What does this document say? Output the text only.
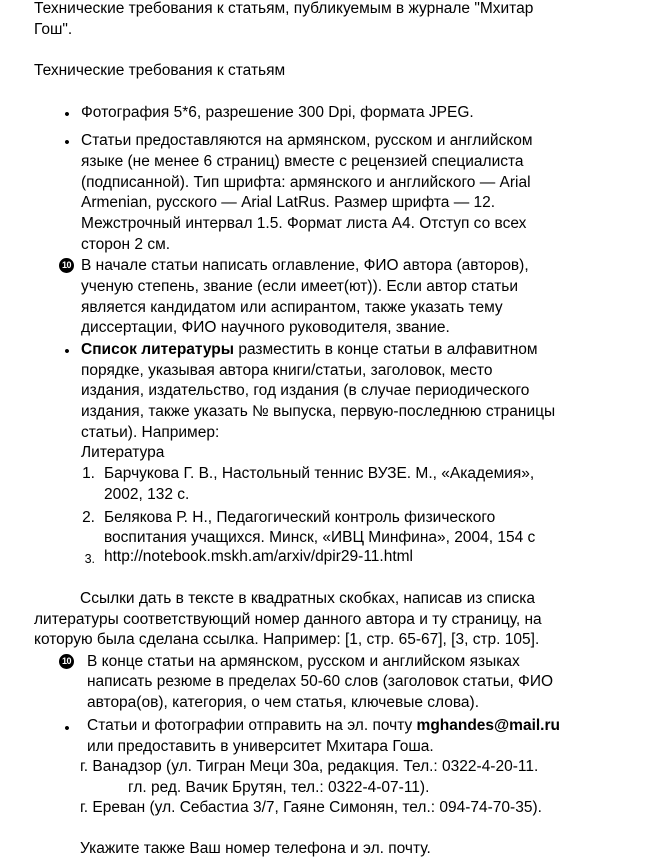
Технические требования к статьям, публикуемым в журнале "Мхитар
Гош".
Технические требования к статьям
• Фотография 5*6, разрешение 300 Dpi, формата JPEG.
• Статьи предоставляются на армянском, русском и английском
языке (не менее 6 страниц) вместе с рецензией специалиста
(подписанной). Тип шрифта: армянского и английского — Arial
Armenian, русского — Arial LatRus. Размер шрифта — 12.
Межстрочный интервал 1.5. Формат листа A4. Отступ со всех
сторон 2 см.
10 В начале статьи написать оглавление, ФИО автора (авторов),
ученую степень, звание (если имеет(ют)). Если автор статьи
является кандидатом или аспирантом, также указать тему
диссертации, ФИО научного руководителя, звание.
• Список литературы разместить в конце статьи в алфавитном
порядке, указывая автора книги/статьи, заголовок, место
издания, издательство, год издания (в случае периодического
издания, также указать № выпуска, первую-последнюю страницы
статьи). Например:
Литература
1. Барчукова Г. В., Настольный теннис ВУЗЕ. М., «Академия»,
2002, 132 с.
2. Белякова Р. Н., Педагогический контроль физического
воспитания учащихся. Минск, «ИВЦ Минфина», 2004, 154 с
3. http://notebook.mskh.am/arxiv/dpir29-11.html
Ссылки дать в тексте в квадратных скобках, написав из списка
литературы соответствующий номер данного автора и ту страницу, на
которую была сделана ссылка. Например: [1, стр. 65-67], [3, стр. 105].
10 В конце статьи на армянском, русском и английском языках
написать резюме в пределах 50-60 слов (заголовок статьи, ФИО
автора(ов), категория, о чем статья, ключевые слова).
•	Статьи и фотографии отправить на эл. почту mghandes@mail.ru
или предоставить в университет Мхитара Гоша.
г. Ванадзор (ул. Тигран Меци 30а, редакция. Тел.: 0322-4-20-11.
гл. ред. Вачик Брутян, тел.: 0322-4-07-11).
г. Ереван (ул. Себастиа 3/7, Гаяне Симонян, тел.: 094-74-70-35).
Укажите также Ваш номер телефона и эл. почту.
